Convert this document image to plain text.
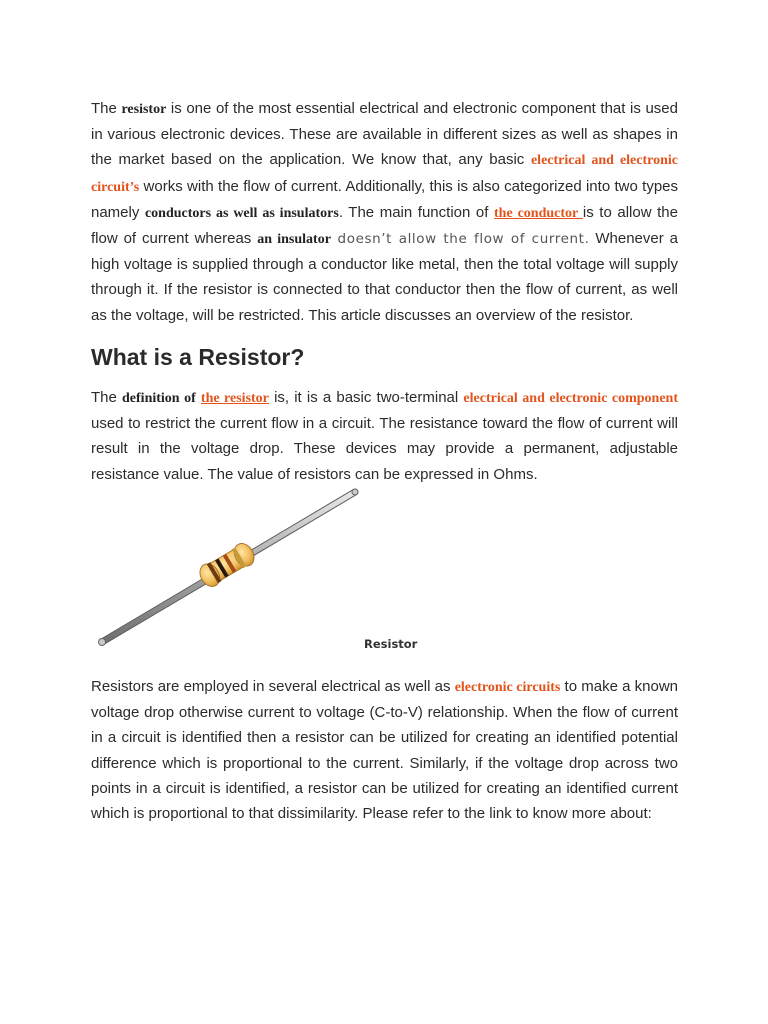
The resistor is one of the most essential electrical and electronic component that is used in various electronic devices. These are available in different sizes as well as shapes in the market based on the application. We know that, any basic electrical and electronic circuit’s works with the flow of current. Additionally, this is also categorized into two types namely conductors as well as insulators. The main function of the conductor is to allow the flow of current whereas an insulator doesn’t allow the flow of current. Whenever a high voltage is supplied through a conductor like metal, then the total voltage will supply through it. If the resistor is connected to that conductor then the flow of current, as well as the voltage, will be restricted. This article discusses an overview of the resistor.

What is a Resistor?

The definition of the resistor is, it is a basic two-terminal electrical and electronic component used to restrict the current flow in a circuit. The resistance toward the flow of current will result in the voltage drop. These devices may provide a permanent, adjustable resistance value. The value of resistors can be expressed in Ohms.

Resistor

Resistors are employed in several electrical as well as electronic circuits to make a known voltage drop otherwise current to voltage (C-to-V) relationship. When the flow of current in a circuit is identified then a resistor can be utilized for creating an identified potential difference which is proportional to the current. Similarly, if the voltage drop across two points in a circuit is identified, a resistor can be utilized for creating an identified current which is proportional to that dissimilarity. Please refer to the link to know more about:
